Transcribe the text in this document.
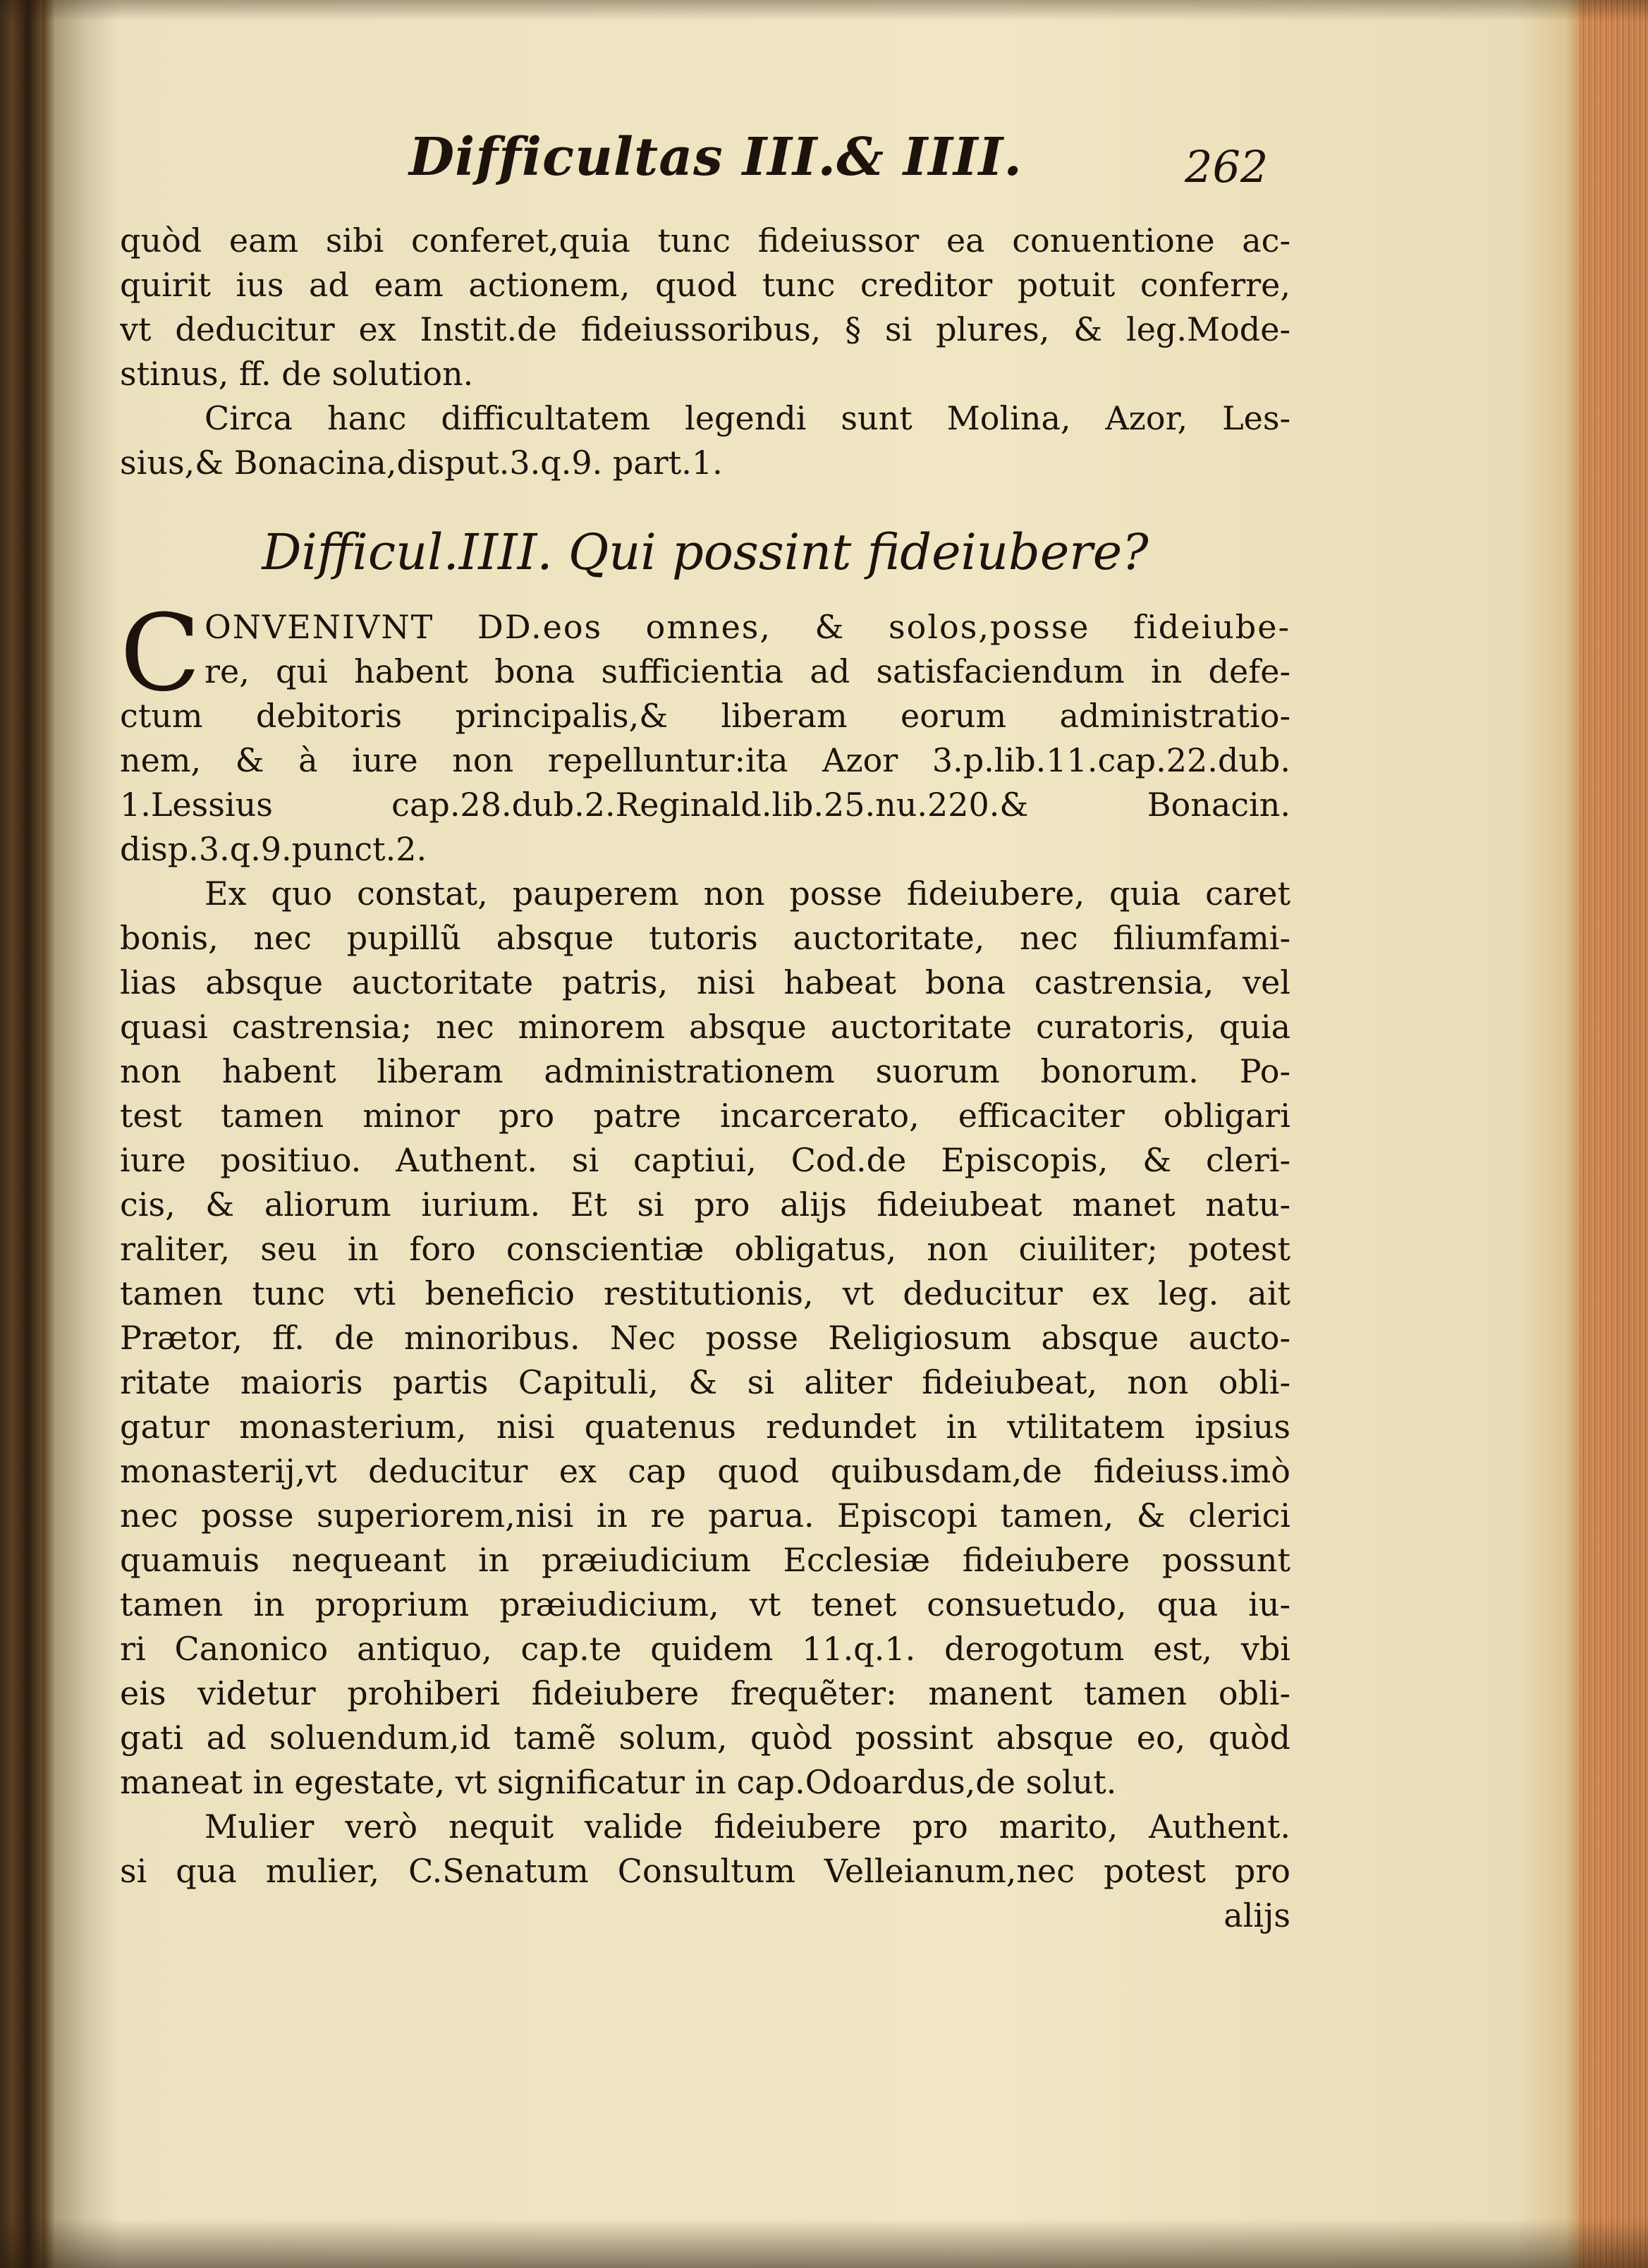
Difficultas III.& IIII.	262
quòd eam sibi conferet,quia tunc fideiussor ea conuentione ac-
quirit ius ad eam actionem, quod tunc creditor potuit conferre,
vt deducitur ex Instit.de fideiussoribus, § si plures, & leg.Mode-
stinus, ff. de solution.
Circa hanc difficultatem legendi sunt Molina, Azor, Les-
sius,& Bonacina,disput.3.q.9. part.1.
Difficul.IIII. Qui possint fideiubere?
C ONVENIVNT DD.eos omnes, & solos,posse fideiube-
re, qui habent bona sufficientia ad satisfaciendum in defe-
ctum debitoris principalis,& liberam eorum administratio-
nem, & à iure non repelluntur:ita Azor 3.p.lib.11.cap.22.dub.
1.Lessius cap.28.dub.2.Reginald.lib.25.nu.220.& Bonacin.
disp.3.q.9.punct.2.
Ex quo constat, pauperem non posse fideiubere, quia caret
bonis, nec pupillũ absque tutoris auctoritate, nec filiumfami-
lias absque auctoritate patris, nisi habeat bona castrensia, vel
quasi castrensia; nec minorem absque auctoritate curatoris, quia
non habent liberam administrationem suorum bonorum. Po-
test tamen minor pro patre incarcerato, efficaciter obligari
iure positiuo. Authent. si captiui, Cod.de Episcopis, & cleri-
cis, & aliorum iurium. Et si pro alijs fideiubeat manet natu-
raliter, seu in foro conscientiæ obligatus, non ciuiliter; potest
tamen tunc vti beneficio restitutionis, vt deducitur ex leg. ait
Prætor, ff. de minoribus. Nec posse Religiosum absque aucto-
ritate maioris partis Capituli, & si aliter fideiubeat, non obli-
gatur monasterium, nisi quatenus redundet in vtilitatem ipsius
monasterij,vt deducitur ex cap quod quibusdam,de fideiuss.imò
nec posse superiorem,nisi in re parua. Episcopi tamen, & clerici
quamuis nequeant in præiudicium Ecclesiæ fideiubere possunt
tamen in proprium præiudicium, vt tenet consuetudo, qua iu-
ri Canonico antiquo, cap.te quidem 11.q.1. derogotum est, vbi
eis videtur prohiberi fideiubere frequẽter: manent tamen obli-
gati ad soluendum,id tamẽ solum, quòd possint absque eo, quòd
maneat in egestate, vt significatur in cap.Odoardus,de solut.
Mulier verò nequit valide fideiubere pro marito, Authent.
si qua mulier, C.Senatum Consultum Velleianum,nec potest pro
alijs
